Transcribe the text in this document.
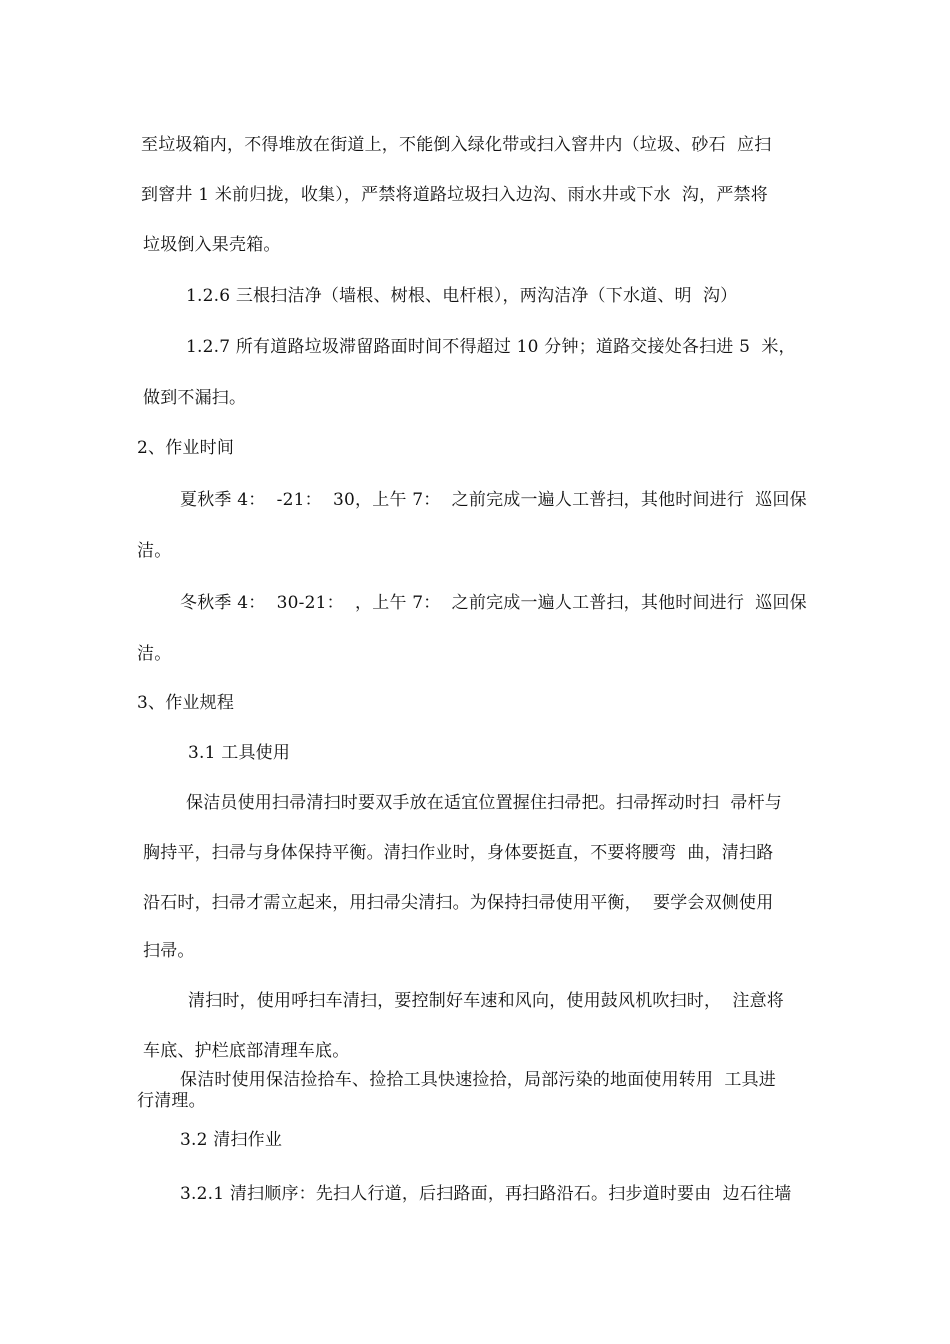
至垃圾箱内，不得堆放在街道上，不能倒入绿化带或扫入窨井内（垃圾、砂石  应扫
到窨井 1 米前归拢，收集），严禁将道路垃圾扫入边沟、雨水井或下水  沟，严禁将
垃圾倒入果壳箱。
1.2.6 三根扫洁净（墙根、树根、电杆根），两沟洁净（下水道、明  沟）
1.2.7 所有道路垃圾滞留路面时间不得超过 10 分钟；道路交接处各扫进 5  米，
做到不漏扫。
2、作业时间
夏秋季 4：  -21：  30，上午 7：  之前完成一遍人工普扫，其他时间进行  巡回保
洁。
冬秋季 4：  30-21：  ，上午 7：  之前完成一遍人工普扫，其他时间进行  巡回保
洁。
3、作业规程
3.1 工具使用
保洁员使用扫帚清扫时要双手放在适宜位置握住扫帚把。扫帚挥动时扫  帚杆与
胸持平，扫帚与身体保持平衡。清扫作业时，身体要挺直，不要将腰弯  曲，清扫路
沿石时，扫帚才需立起来，用扫帚尖清扫。为保持扫帚使用平衡，  要学会双侧使用
扫帚。
清扫时，使用呼扫车清扫，要控制好车速和风向，使用鼓风机吹扫时，  注意将
车底、护栏底部清理车底。
保洁时使用保洁捡拾车、捡拾工具快速捡拾，局部污染的地面使用转用  工具进
行清理。
3.2 清扫作业
3.2.1 清扫顺序：先扫人行道，后扫路面，再扫路沿石。扫步道时要由  边石往墙
